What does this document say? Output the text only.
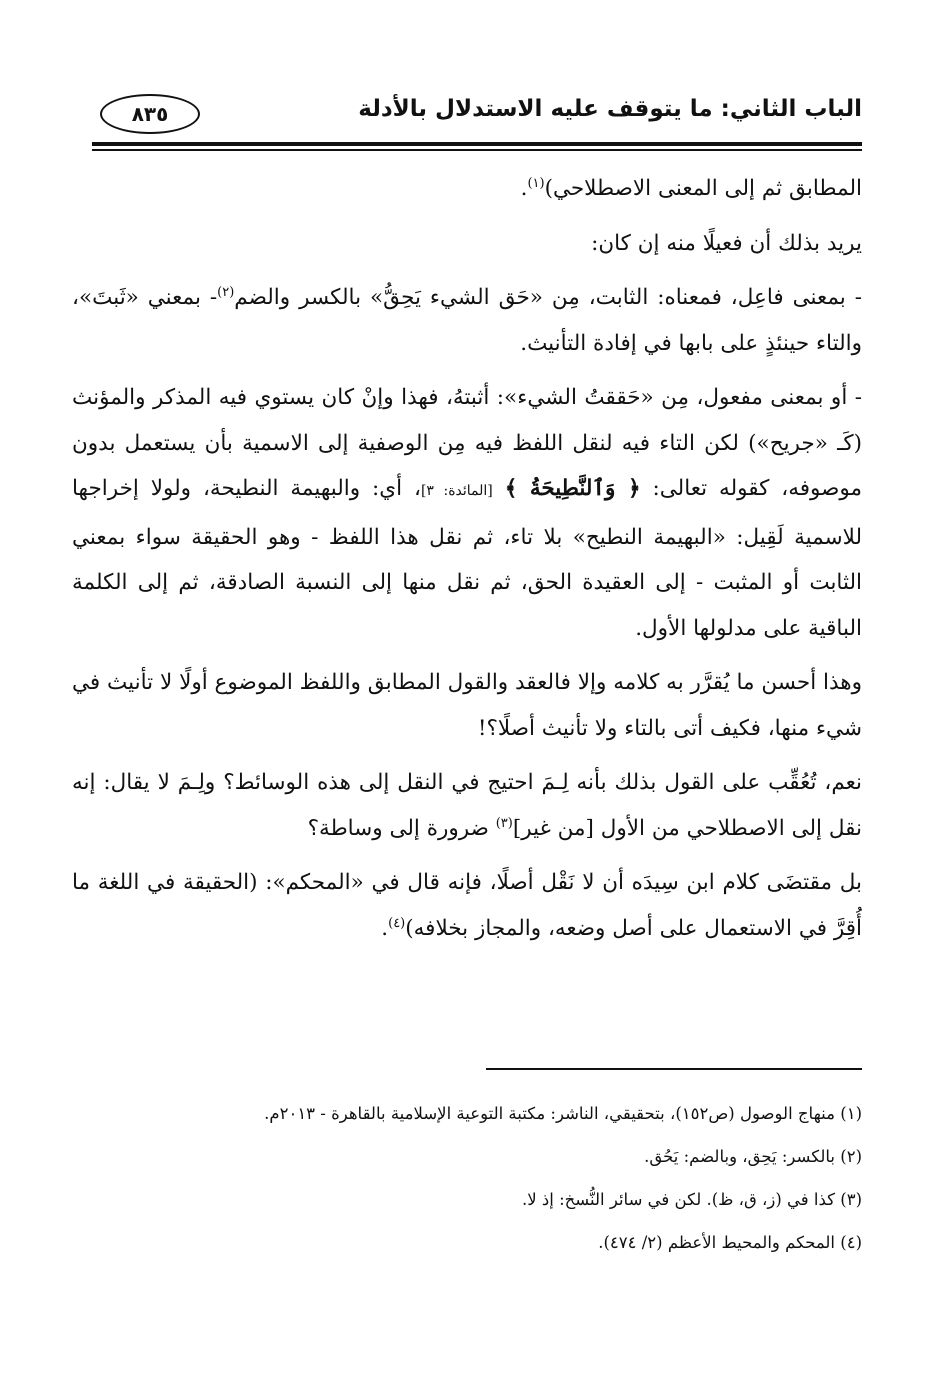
الباب الثاني: ما يتوقف عليه الاستدلال بالأدلة
٨٣٥

المطابق ثم إلى المعنى الاصطلاحي)$^{(١)}$.

يريد بذلك أن فعيلًا منه إن كان:

- بمعنى فاعِل، فمعناه: الثابت، مِن «حَق الشيء يَحِقُّ» بالكسر والضم$^{(٢)}$- بمعني «ثَبتَ»، والتاء حينئذٍ على بابها في إفادة التأنيث.

- أو بمعنى مفعول، مِن «حَققتُ الشيء»: أثبتهُ، فهذا وإنْ كان يستوي فيه المذكر والمؤنث (كَـ «جريح») لكن التاء فيه لنقل اللفظ فيه مِن الوصفية إلى الاسمية بأن يستعمل بدون موصوفه، كقوله تعالى: ﴿ وَٱلنَّطِيحَةُ ﴾ [المائدة: ٣]، أي: والبهيمة النطيحة، ولولا إخراجها للاسمية لَقِيل: «البهيمة النطيح» بلا تاء، ثم نقل هذا اللفظ - وهو الحقيقة سواء بمعني الثابت أو المثبت - إلى العقيدة الحق، ثم نقل منها إلى النسبة الصادقة، ثم إلى الكلمة الباقية على مدلولها الأول.

وهذا أحسن ما يُقرَّر به كلامه وإلا فالعقد والقول المطابق واللفظ الموضوع أولًا لا تأنيث في شيء منها، فكيف أتى بالتاء ولا تأنيث أصلًا؟!

نعم، تُعُقِّب على القول بذلك بأنه لِـمَ احتيج في النقل إلى هذه الوسائط؟ ولِـمَ لا يقال: إنه نقل إلى الاصطلاحي من الأول [من غير]$^{(٣)}$ ضرورة إلى وساطة؟

بل مقتضَى كلام ابن سِيدَه أن لا نَقْل أصلًا، فإنه قال في «المحكم»: (الحقيقة في اللغة ما أُقِرَّ في الاستعمال على أصل وضعه، والمجاز بخلافه)$^{(٤)}$.

(١) منهاج الوصول (ص١٥٢)، بتحقيقي، الناشر: مكتبة التوعية الإسلامية بالقاهرة - ٢٠١٣م.
(٢) بالكسر: يَحِق، وبالضم: يَحُق.
(٣) كذا في (ز، ق، ظ). لكن في سائر النُّسخ: إذ لا.
(٤) المحكم والمحيط الأعظم (٢/ ٤٧٤).
